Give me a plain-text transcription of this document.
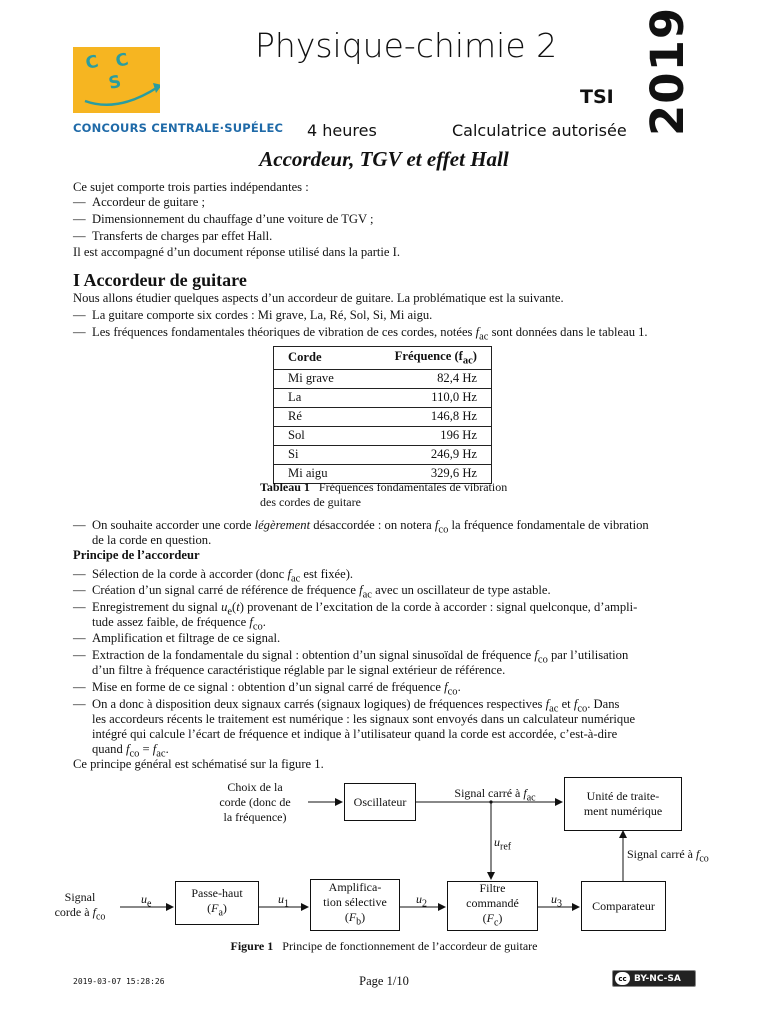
C C
S
CONCOURS CENTRALE·SUPÉLEC
Physique-chimie 2
TSI
4 heures	Calculatrice autorisée 2019
Accordeur, TGV et effet Hall
Ce sujet comporte trois parties indépendantes :
— Accordeur de guitare ;
— Dimensionnement du chauffage d’une voiture de TGV ;
— Transferts de charges par effet Hall.
Il est accompagné d’un document réponse utilisé dans la partie I.
I Accordeur de guitare
Nous allons étudier quelques aspects d’un accordeur de guitare. La problématique est la suivante.
— La guitare comporte six cordes : Mi grave, La, Ré, Sol, Si, Mi aigu.
— Les fréquences fondamentales théoriques de vibration de ces cordes, notées $f_{ac}$ sont données dans le tableau 1.
Corde	Fréquence $(f_{ac})$
Mi grave	82,4 Hz
La	110,0 Hz
Ré	146,8 Hz
Sol	196 Hz
Si	246,9 Hz
Mi aigu	329,6 Hz
Tableau 1 Fréquences fondamentales de vibration des cordes de guitare
— On souhaite accorder une corde légèrement désaccordée : on notera $f_{co}$ la fréquence fondamentale de vibration
de la corde en question.
Principe de l’accordeur
— Sélection de la corde à accorder (donc $f_{ac}$ est fixée).
— Création d’un signal carré de référence de fréquence $f_{ac}$ avec un oscillateur de type astable.
— Enregistrement du signal $u_e(t)$ provenant de l’excitation de la corde à accorder : signal quelconque, d’ampli-
tude assez faible, de fréquence $f_{co}$.
— Amplification et filtrage de ce signal.
— Extraction de la fondamentale du signal : obtention d’un signal sinusoïdal de fréquence $f_{co}$ par l’utilisation
d’un filtre à fréquence caractéristique réglable par le signal extérieur de référence.
— Mise en forme de ce signal : obtention d’un signal carré de fréquence $f_{co}$.
— On a donc à disposition deux signaux carrés (signaux logiques) de fréquences respectives $f_{ac}$ et $f_{co}$. Dans
les accordeurs récents le traitement est numérique : les signaux sont envoyés dans un calculateur numérique
intégré qui calcule l’écart de fréquence et indique à l’utilisateur quand la corde est accordée, c’est-à-dire
quand $f_{co} = f_{ac}$.
Ce principe général est schématisé sur la figure 1.
Choix de la
corde (donc de
la fréquence)
Oscillateur
Signal carré à $f_{ac}$	Unité de traite-
ment numérique
$u_{ref}$
Signal carré à $f_{co}$
Signal
corde à $f_{co}$
$u_e$
Passe-haut
$(F_a)$
$u_1$
Amplifica-
tion sélective
$(F_b)$
$u_2$
Filtre
commandé
$(F_c)$
$u_3$	Comparateur
Figure 1 Principe de fonctionnement de l’accordeur de guitare
2019-03-07 15:28:26	Page 1/10	cc BY-NC-SA
